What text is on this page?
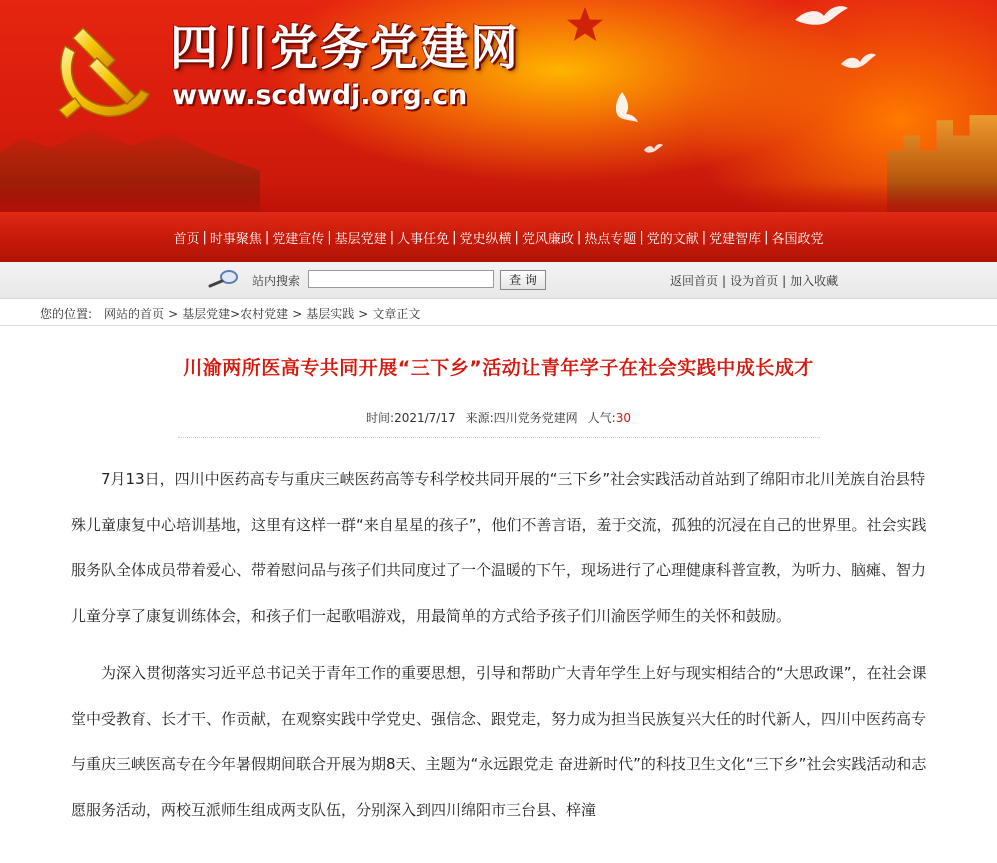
四川党务党建网
www.scdwdj.org.cn
首页 | 时事聚焦 | 党建宣传 | 基层党建 | 人事任免 | 党史纵横 | 党风廉政 | 热点专题 | 党的文献 | 党建智库 | 各国政党
站内搜索	查 询	返回首页 | 设为首页 | 加入收藏
您的位置: 网站的首页 > 基层党建>农村党建 > 基层实践 > 文章正文
川渝两所医高专共同开展“三下乡”活动让青年学子在社会实践中成长成才
时间:2021/7/17 来源:四川党务党建网 人气:30

7月13日，四川中医药高专与重庆三峡医药高等专科学校共同开展的“三下乡”社会实践活动首站到了绵阳市北川羌族自治县特殊儿童康复中心培训基地，这里有这样一群“来自星星的孩子”，他们不善言语，羞于交流，孤独的沉浸在自己的世界里。社会实践服务队全体成员带着爱心、带着慰问品与孩子们共同度过了一个温暖的下午，现场进行了心理健康科普宣教，为听力、脑瘫、智力儿童分享了康复训练体会，和孩子们一起歌唱游戏，用最简单的方式给予孩子们川渝医学师生的关怀和鼓励。

为深入贯彻落实习近平总书记关于青年工作的重要思想，引导和帮助广大青年学生上好与现实相结合的“大思政课”，在社会课堂中受教育、长才干、作贡献，在观察实践中学党史、强信念、跟党走，努力成为担当民族复兴大任的时代新人，四川中医药高专与重庆三峡医高专在今年暑假期间联合开展为期8天、主题为“永远跟党走 奋进新时代”的科技卫生文化“三下乡”社会实践活动和志愿服务活动，两校互派师生组成两支队伍，分别深入到四川绵阳市三台县、梓潼
